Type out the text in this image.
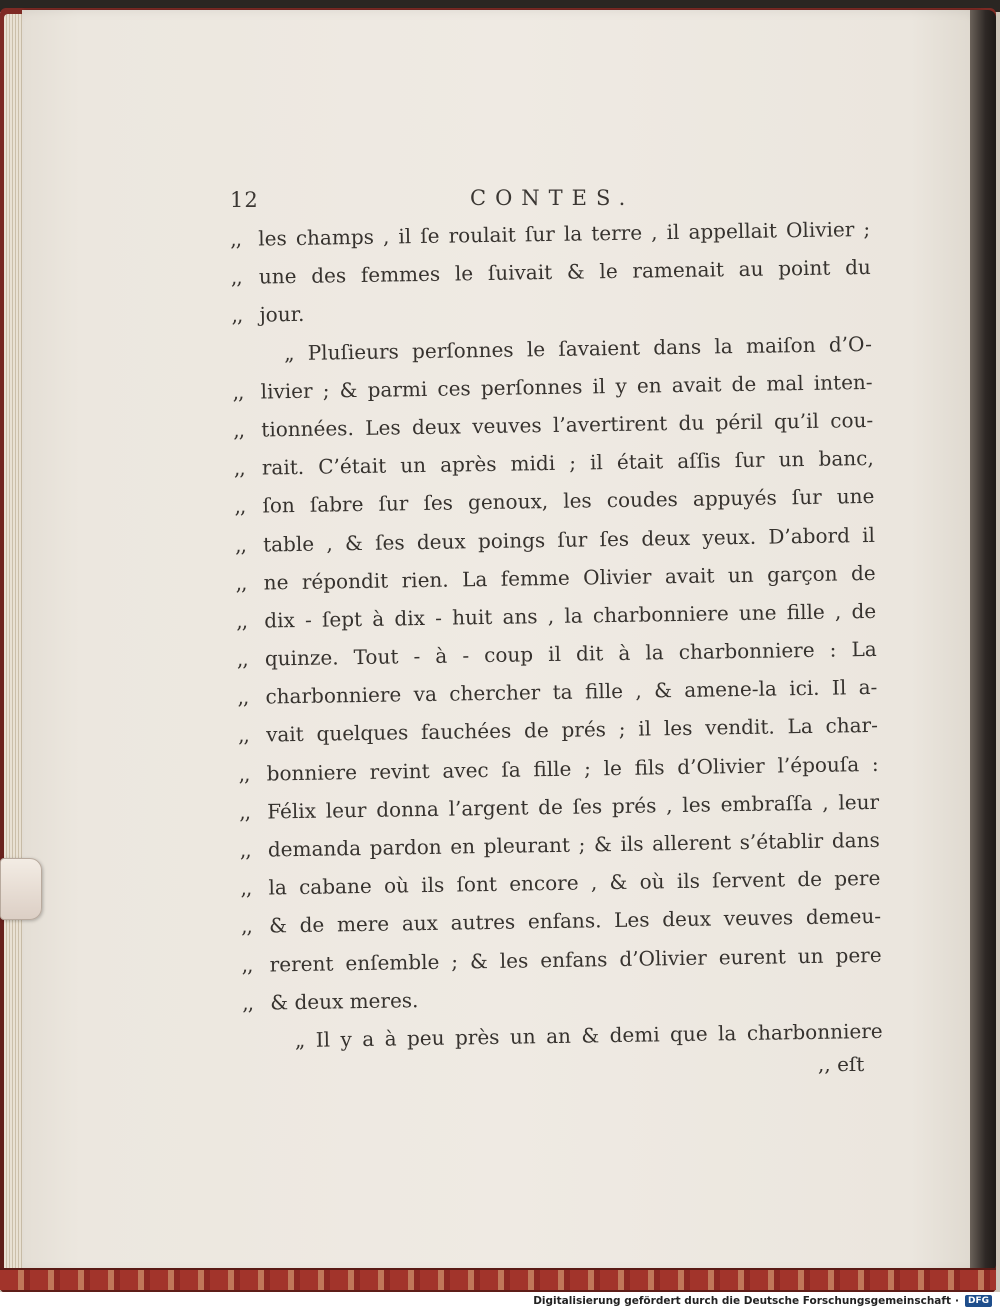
12	CONTES.
,, les champs , il ſe roulait ſur la terre , il appellait Olivier ;
,, une des femmes le ſuivait & le ramenait au point du
,, jour.
„ Pluſieurs perſonnes le ſavaient dans la maiſon d’O-
,, livier ; & parmi ces perſonnes il y en avait de mal inten-
,, tionnées. Les deux veuves l’avertirent du péril qu’il cou-
,, rait. C’était un après midi ; il était aſſis ſur un banc,
,, ſon ſabre ſur ſes genoux, les coudes appuyés ſur une
,, table , & ſes deux poings ſur ſes deux yeux. D’abord il
,, ne répondit rien. La femme Olivier avait un garçon de
,, dix - ſept à dix - huit ans , la charbonniere une fille , de
,, quinze. Tout - à - coup il dit à la charbonniere : La
,, charbonniere va chercher ta fille , & amene-la ici. Il a-
,, vait quelques fauchées de prés ; il les vendit. La char-
,, bonniere revint avec ſa fille ; le fils d’Olivier l’épouſa :
,, Félix leur donna l’argent de ſes prés , les embraſſa , leur
,, demanda pardon en pleurant ; & ils allerent s’établir dans
,, la cabane où ils ſont encore , & où ils ſervent de pere
,, & de mere aux autres enfans. Les deux veuves demeu-
,, rerent enſemble ; & les enfans d’Olivier eurent un pere
,, & deux meres.
„ Il y a à peu près un an & demi que la charbonniere
,, eſt
Digitalisierung gefördert durch die Deutsche Forschungsgemeinschaft ·	DFG
